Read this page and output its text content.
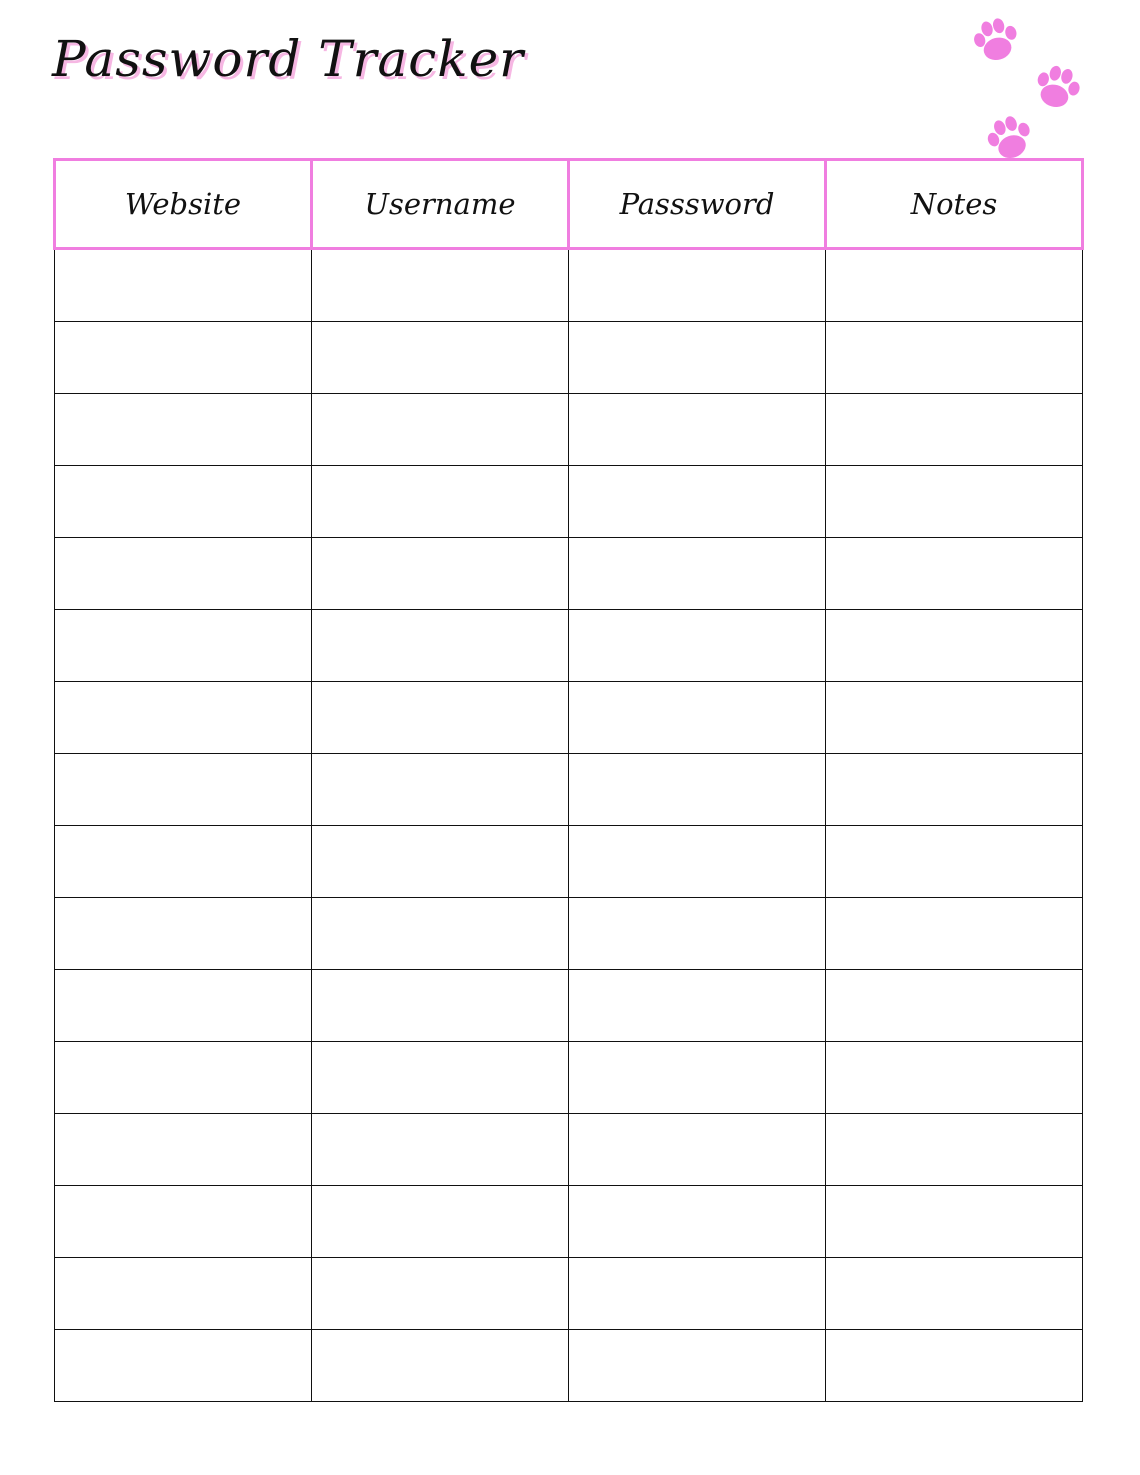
Password Tracker
Website	Username	Passsword	Notes
